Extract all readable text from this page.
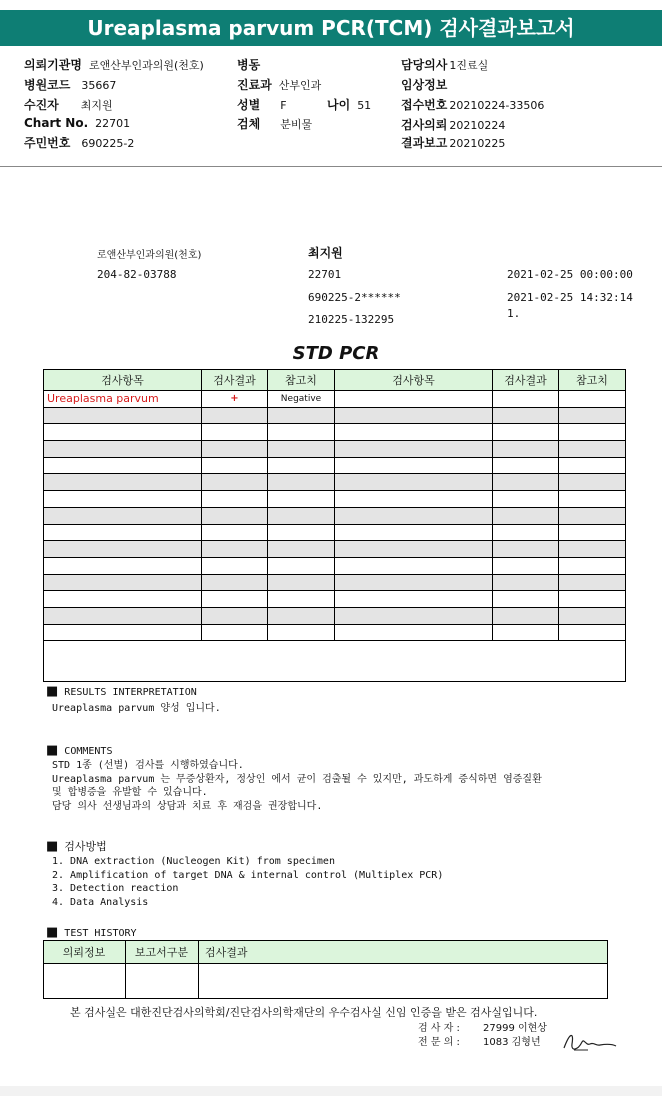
Ureaplasma parvum PCR(TCM) 검사결과보고서
의뢰기관명 로앤산부인과의원(천호)
병원코드 35667
수진자 최지원
Chart No. 22701
주민번호 690225-2
병동
진료과 산부인과
성별 F	나이 51
검체 분비물
담당의사 1진료실
임상정보
접수번호 20210224-33506
검사의뢰 20210224
결과보고 20210225
로앤산부인과의원(천호)
204-82-03788
최지원
22701
690225-2******
210225-132295
2021-02-25 00:00:00
2021-02-25 14:32:14
1.
STD PCR
검사항목	검사결과	참고치	검사항목	검사결과	참고치
Ureaplasma parvum	+	Negative			

■ RESULTS INTERPRETATION
Ureaplasma parvum 양성 입니다.
■ COMMENTS
STD 1종 (선별) 검사를 시행하였습니다.
Ureaplasma parvum 는 무증상환자, 정상인 에서 균이 검출될 수 있지만, 과도하게 증식하면 염증질환
및 합병증을 유발할 수 있습니다.
담당 의사 선생님과의 상담과 치료 후 재검을 권장합니다.
■ 검사방법
1. DNA extraction (Nucleogen Kit) from specimen
2. Amplification of target DNA & internal control (Multiplex PCR)
3. Detection reaction
4. Data Analysis
■ TEST HISTORY
의뢰정보	보고서구분	검사결과

본 검사실은 대한진단검사의학회/진단검사의학재단의 우수검사실 신임 인증을 받은 검사실입니다.
검 사 자 : 27999 이현상
전 문 의 : 1083 김형년
